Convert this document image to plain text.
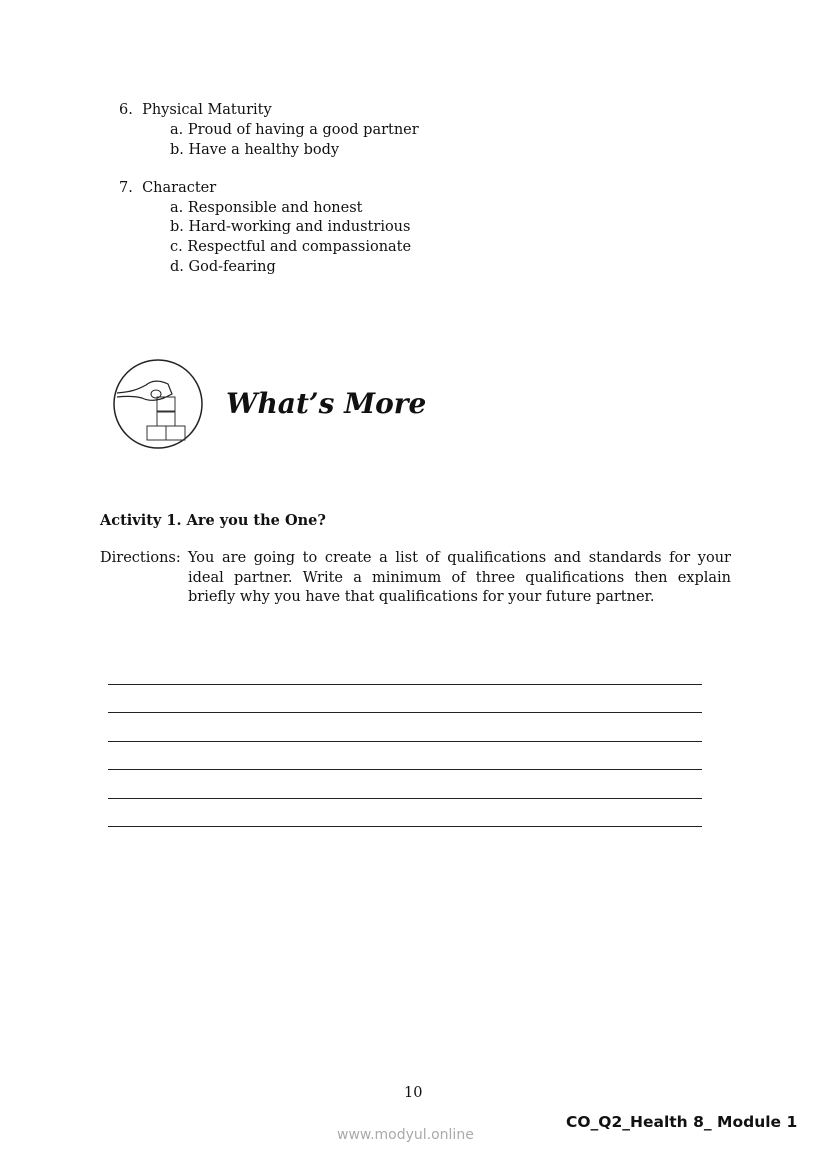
6. Physical Maturity
a. Proud of having a good partner
b. Have a healthy body
7. Character
a. Responsible and honest
b. Hard-working and industrious
c. Respectful and compassionate
d. God-fearing
What’s More
Activity 1. Are you the One?
Directions: You are going to create a list of qualifications and standards for your ideal partner. Write a minimum of three qualifications then explain briefly why you have that qualifications for your future partner.
10
CO_Q2_Health 8_ Module 1
www.modyul.online
